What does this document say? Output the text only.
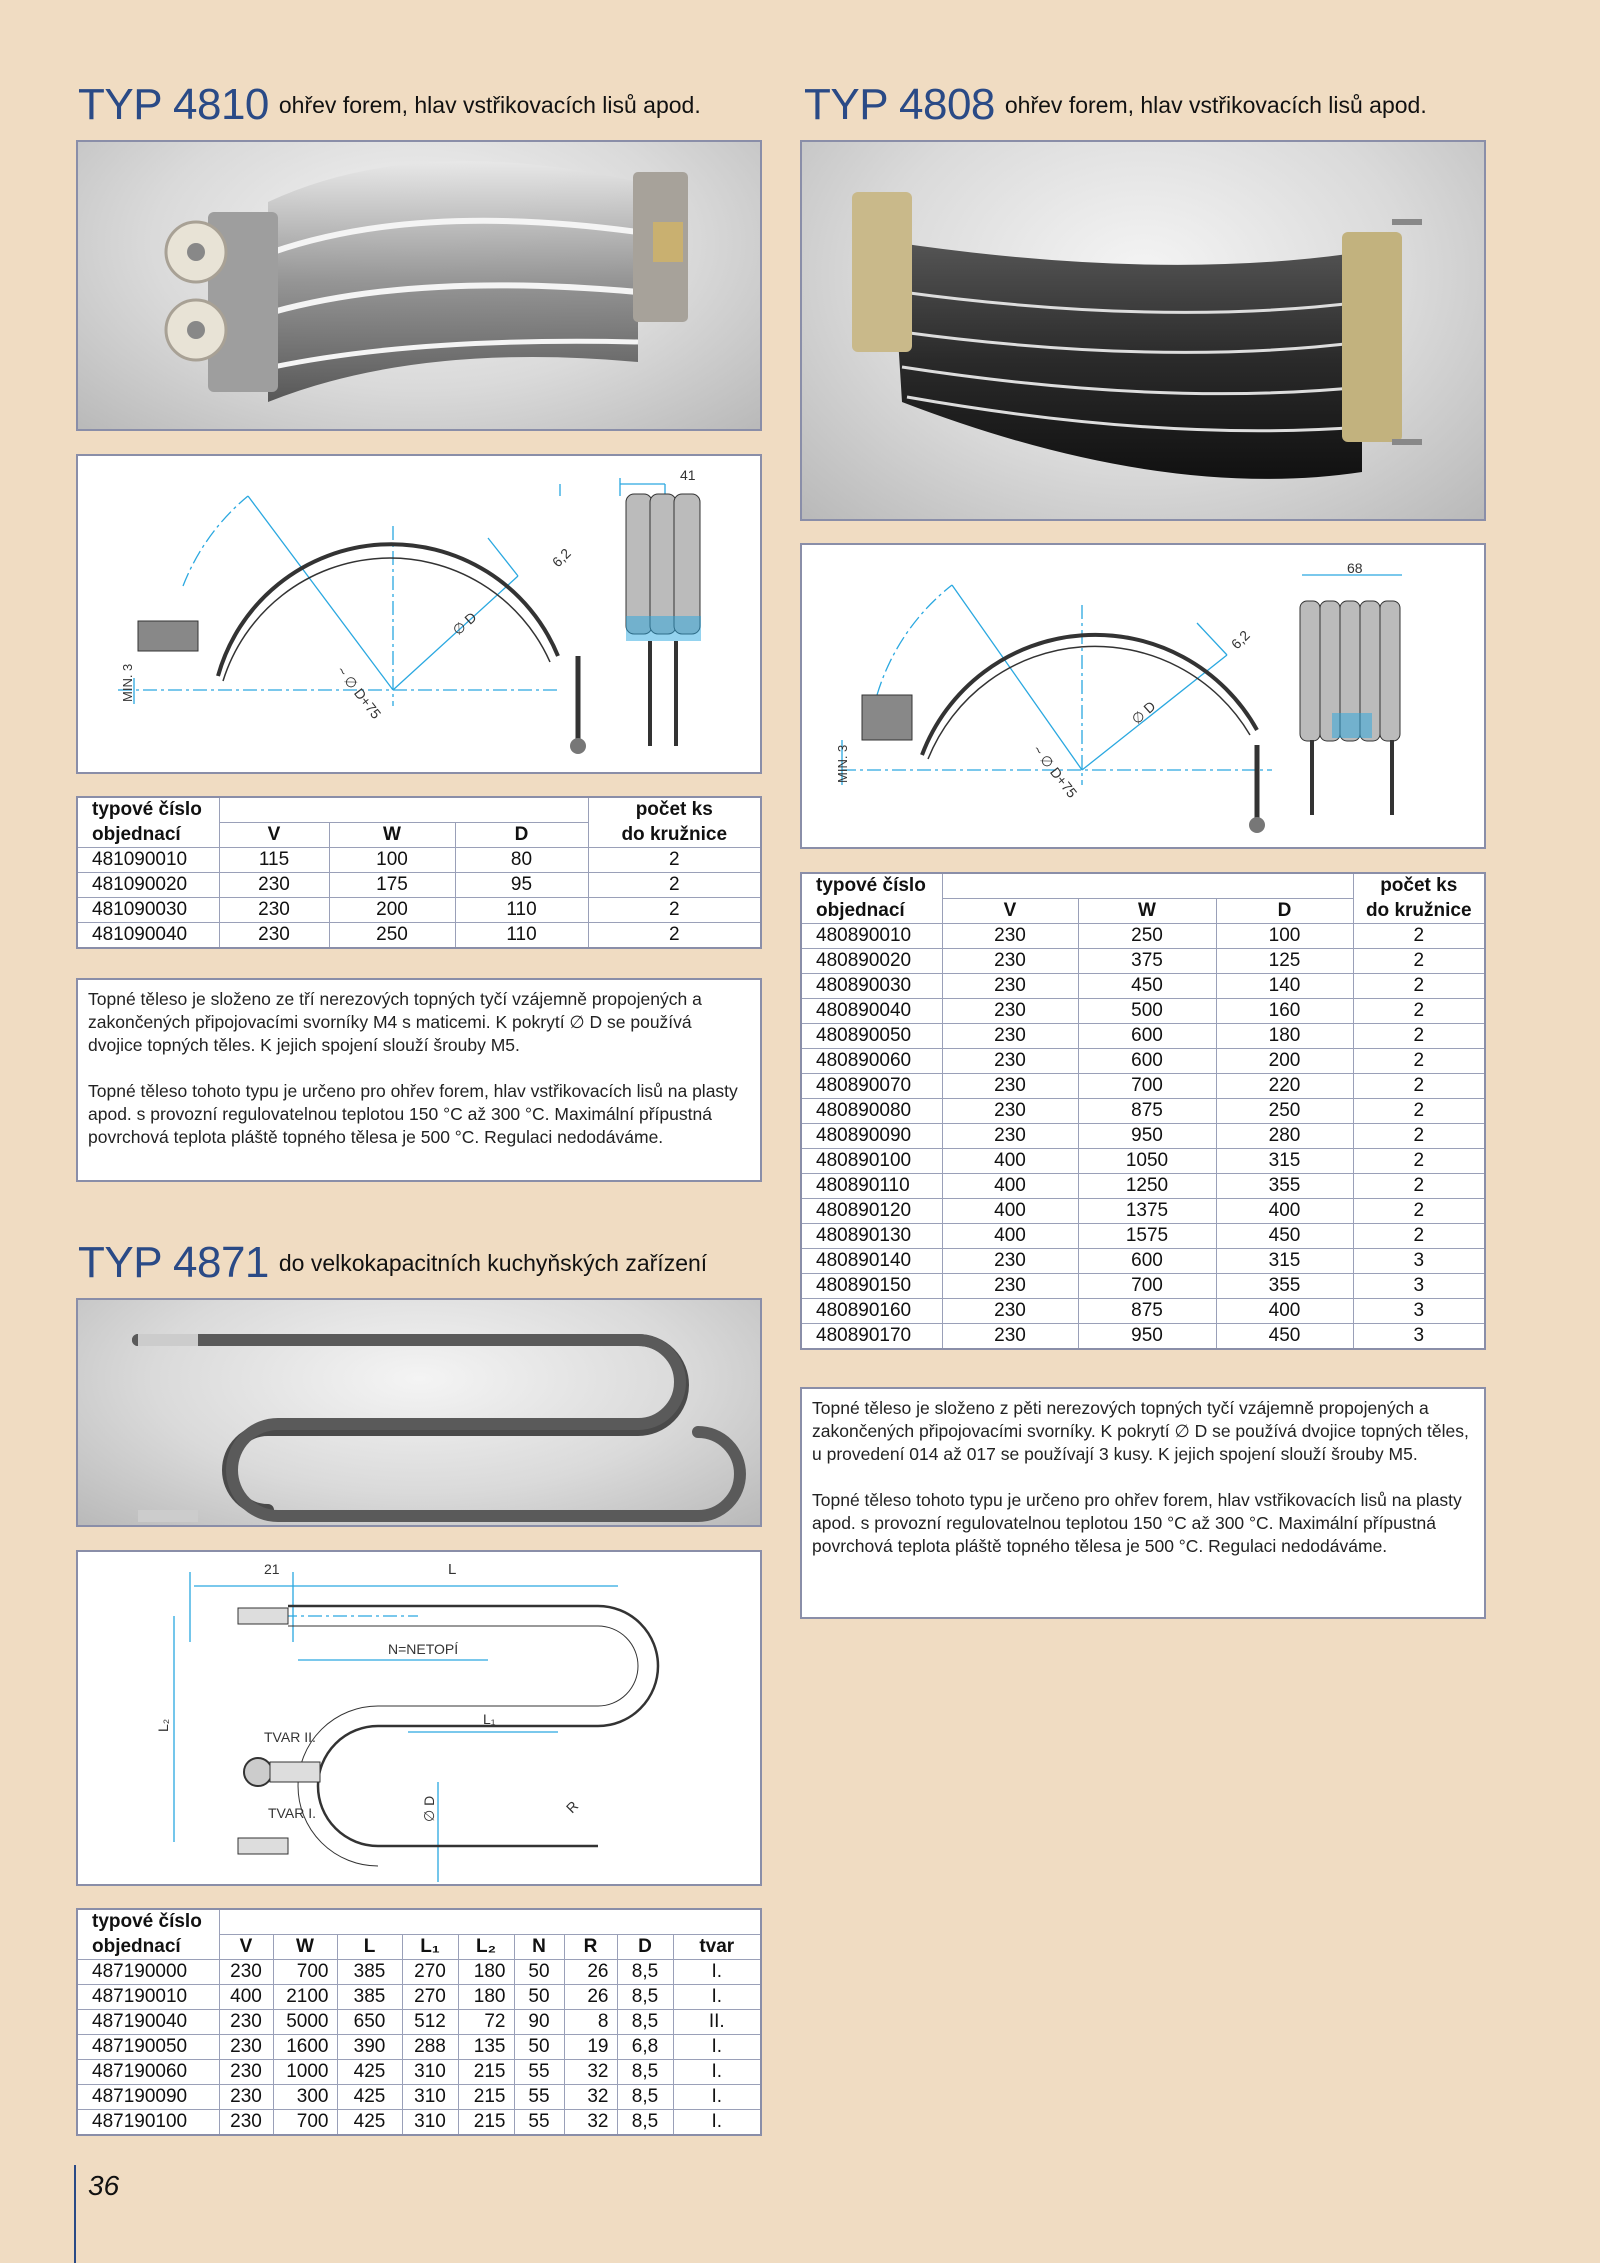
TYP 4810 $^{ohřev forem, hlav vstřikovacích lisů apod.}$
41
~ ∅ D+75
∅ D
6,2
MIN. 3
typové číslo				počet ks
objednací	V	W	D	do kružnice
481090010	115	100	80	2
481090020	230	175	95	2
481090030	230	200	110	2
481090040	230	250	110	2

Topné těleso je složeno ze tří nerezových topných tyčí vzájemně propojených a zakončených připojovacími svorníky M4 s maticemi. K pokrytí ∅ D se používá dvojice topných těles. K jejich spojení slouží šrouby M5.

Topné těleso tohoto typu je určeno pro ohřev forem, hlav vstřikovacích lisů na plasty apod. s provozní regulovatelnou teplotou 150 °C až 300 °C. Maximální přípustná povrchová teplota pláště topného tělesa je 500 °C. Regulaci nedodáváme.

TYP 4808 $^{ohřev forem, hlav vstřikovacích lisů apod.}$
68
~ ∅ D+75
∅ D
6,2
MIN. 3
typové číslo				počet ks
objednací	V	W	D	do kružnice
480890010	230	250	100	2
480890020	230	375	125	2
480890030	230	450	140	2
480890040	230	500	160	2
480890050	230	600	180	2
480890060	230	600	200	2
480890070	230	700	220	2
480890080	230	875	250	2
480890090	230	950	280	2
480890100	400	1050	315	2
480890110	400	1250	355	2
480890120	400	1375	400	2
480890130	400	1575	450	2
480890140	230	600	315	3
480890150	230	700	355	3
480890160	230	875	400	3
480890170	230	950	450	3

Topné těleso je složeno z pěti nerezových topných tyčí vzájemně propojených a zakončených připojovacími svorníky. K pokrytí ∅ D se používá dvojice topných těles, u provedení 014 až 017 se používají 3 kusy. K jejich spojení slouží šrouby M5.

Topné těleso tohoto typu je určeno pro ohřev forem, hlav vstřikovacích lisů na plasty apod. s provozní regulovatelnou teplotou 150 °C až 300 °C. Maximální přípustná povrchová teplota pláště topného tělesa je 500 °C. Regulaci nedodáváme.

TYP 4871 $^{do velkokapacitních kuchyňských zařízení}$
21	L
N=NETOPÍ
L₁
L₂
TVAR II.
TVAR I.	∅ D	R
typové číslo									
objednací	V	W	L	L₁	L₂	N	R	D	tvar
487190000	230	700	385	270	180	50	26	8,5	I.
487190010	400	2100	385	270	180	50	26	8,5	I.
487190040	230	5000	650	512	72	90	8	8,5	II.
487190050	230	1600	390	288	135	50	19	6,8	I.
487190060	230	1000	425	310	215	55	32	8,5	I.
487190090	230	300	425	310	215	55	32	8,5	I.
487190100	230	700	425	310	215	55	32	8,5	I.
36
